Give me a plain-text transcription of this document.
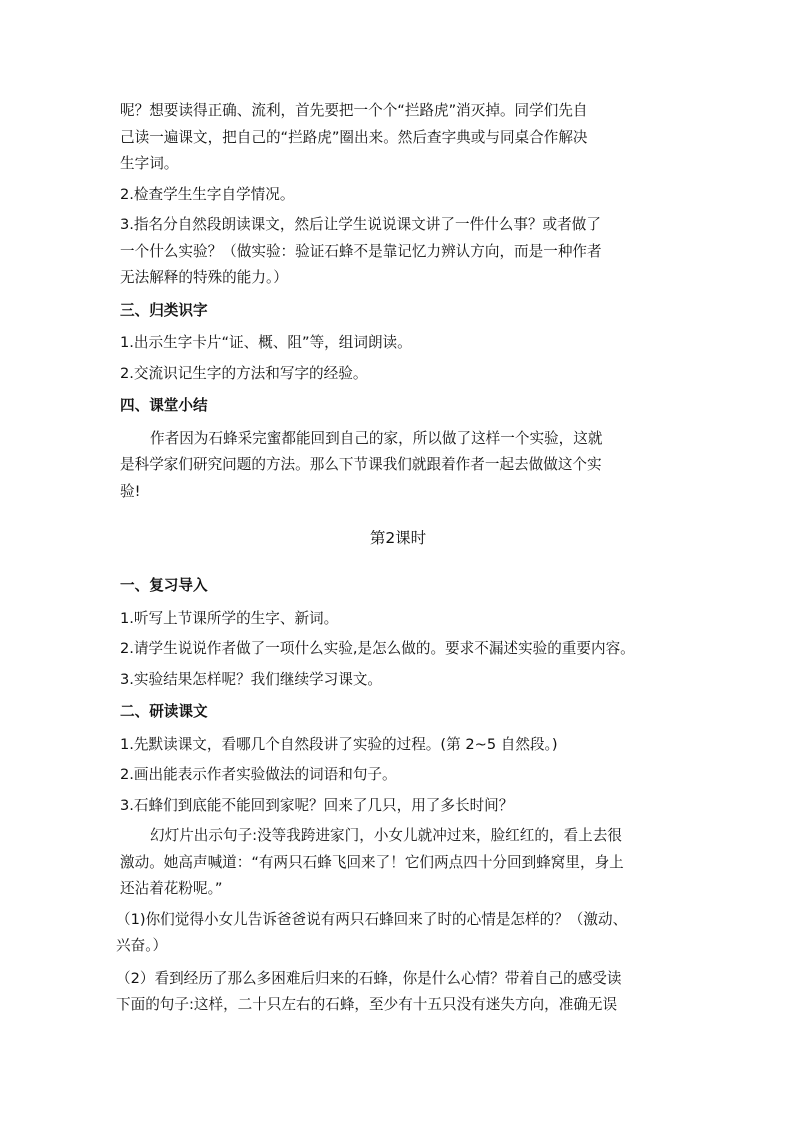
呢？想要读得正确、流利，首先要把一个个“拦路虎”消灭掉。同学们先自

己读一遍课文，把自己的“拦路虎”圈出来。然后查字典或与同桌合作解决

生字词。

2.检查学生生字自学情况。

3.指名分自然段朗读课文，然后让学生说说课文讲了一件什么事？或者做了

一个什么实验？（做实验：验证石蜂不是靠记忆力辨认方向，而是一种作者

无法解释的特殊的能力。）

三、归类识字

1.出示生字卡片“证、概、阻”等，组词朗读。

2.交流识记生字的方法和写字的经验。

四、课堂小结

作者因为石蜂采完蜜都能回到自己的家，所以做了这样一个实验，这就

是科学家们研究问题的方法。那么下节课我们就跟着作者一起去做做这个实

验!

第2课时

一、复习导入

1.听写上节课所学的生字、新词。

2.请学生说说作者做了一项什么实验,是怎么做的。要求不漏述实验的重要内容。

3.实验结果怎样呢？我们继续学习课文。

二、研读课文

1.先默读课文，看哪几个自然段讲了实验的过程。(第 2~5 自然段。)

2.画出能表示作者实验做法的词语和句子。

3.石蜂们到底能不能回到家呢？回来了几只，用了多长时间？

幻灯片出示句子:没等我跨进家门，小女儿就冲过来，脸红红的，看上去很

激动。她高声喊道：“有两只石蜂飞回来了！它们两点四十分回到蜂窝里，身上

还沾着花粉呢。”

（1)你们觉得小女儿告诉爸爸说有两只石蜂回来了时的心情是怎样的？（激动、

兴奋。）

（2）看到经历了那么多困难后归来的石蜂，你是什么心情？带着自己的感受读

下面的句子:这样，二十只左右的石蜂，至少有十五只没有迷失方向，准确无误
